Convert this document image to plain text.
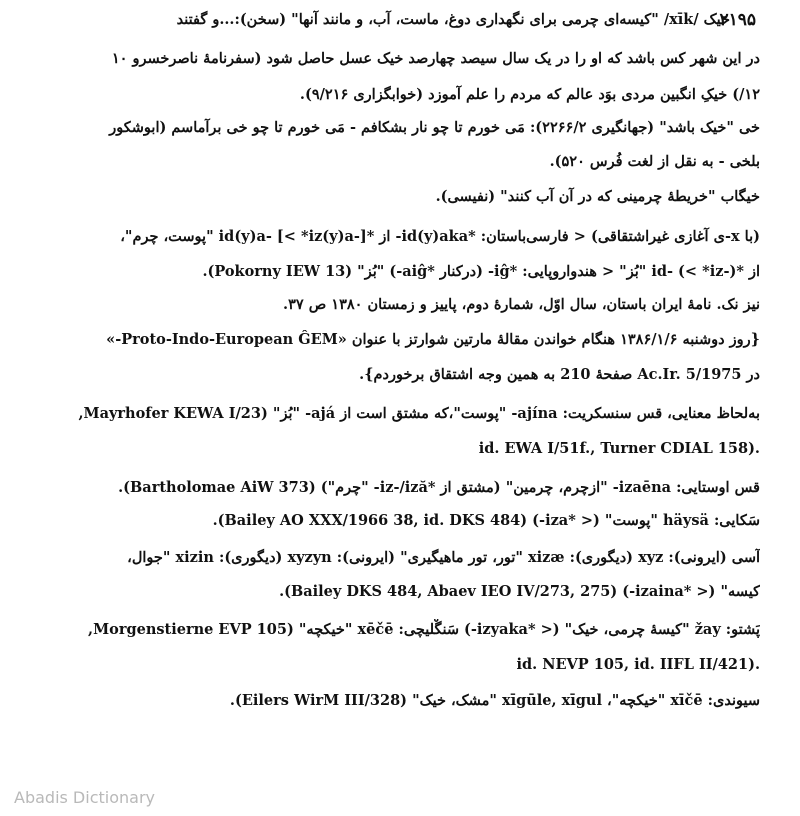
۲۱۹۵
خیک /xīk/ "کیسه‌ای چرمی برای نگهداری دوغ، ماست، آب، و مانند آنها" (سخن):...و گفتند
در این شهر کس باشد که او را در یک سال سیصد چهارصد خیک عسل حاصل شود (سفرنامهٔ ناصرخسرو ۱۰
۱۲/) خیکِ انگبین مردی بوَد عالم که مردم را علم آموزد (خوابگزاری ۹/۲۱۶).
خی "خیک باشد" (جهانگیری ۲۲۶۶/۲): مَی خورم تا چو نار بشکافم - مَی خورم تا چو خی برآماسم (ابوشکور
بلخی - به نقل از لغت فُرس ۵۲۰).
خیگاب "خریطهٔ چرمینی که در آن آب کنند" (نفیسی).
(با x-ی آغازی غیراشتقاقی) < فارسی‌باستان: *id(y)aka- از *id(y)a- [< *iz(y)a-] "پوست، چرم"،
از *id- (< *iz-) "بُز" < هندواروپایی: *iĝ- (درکنار *aiĝ-) "بُز" (Pokorny IEW 13).
نیز نک. نامهٔ ایران باستان، سال اوّل، شمارهٔ دوم، پاییز و زمستان ۱۳۸۰ ص ۳۷.
{روز دوشنبه ۱۳۸۶/۱/۶ هنگام خواندن مقالهٔ مارتین شوارتز با عنوان «Proto-Indo-European ĜEM-»
در Ac.Ir. 5/1975 صفحهٔ 210 به همین وجه اشتقاق برخوردم}.
به‌لحاظ معنایی، قس سنسکریت: ajína- "پوست"،که مشتق است از ajá- "بُز" (Mayrhofer KEWA I/23,
id. EWA I/51f., Turner CDIAL 158).
قس اوستایی: izaēna- "ازچرم، چرمین" (مشتق از *iz-/iză- "چرم") (Bartholomae AiW 373).
سَکایی: häysä "پوست" (< *iza-) (Bailey AO XXX/1966 38, id. DKS 484).
آسی (ایرونی): xyz (دیگوری): xizæ "تور، تور ماهیگیری" (ایرونی): xyzyn (دیگوری): xizin "جوال،
کیسه" (< *izaina-) (Bailey DKS 484, Abaev IEO IV/273, 275).
پَشتو: žay "کیسهٔ چرمی، خیک" (< *izyaka-) سَنگْلیچی: xēčē "خیکچه" (Morgenstierne EVP 105,
id. NEVP 105, id. IIFL II/421).
سیوندی: xīčē "خیکچه"، xīgūle, xīgul "مشک، خیک" (Eilers WirM III/328).
Abadis Dictionary
